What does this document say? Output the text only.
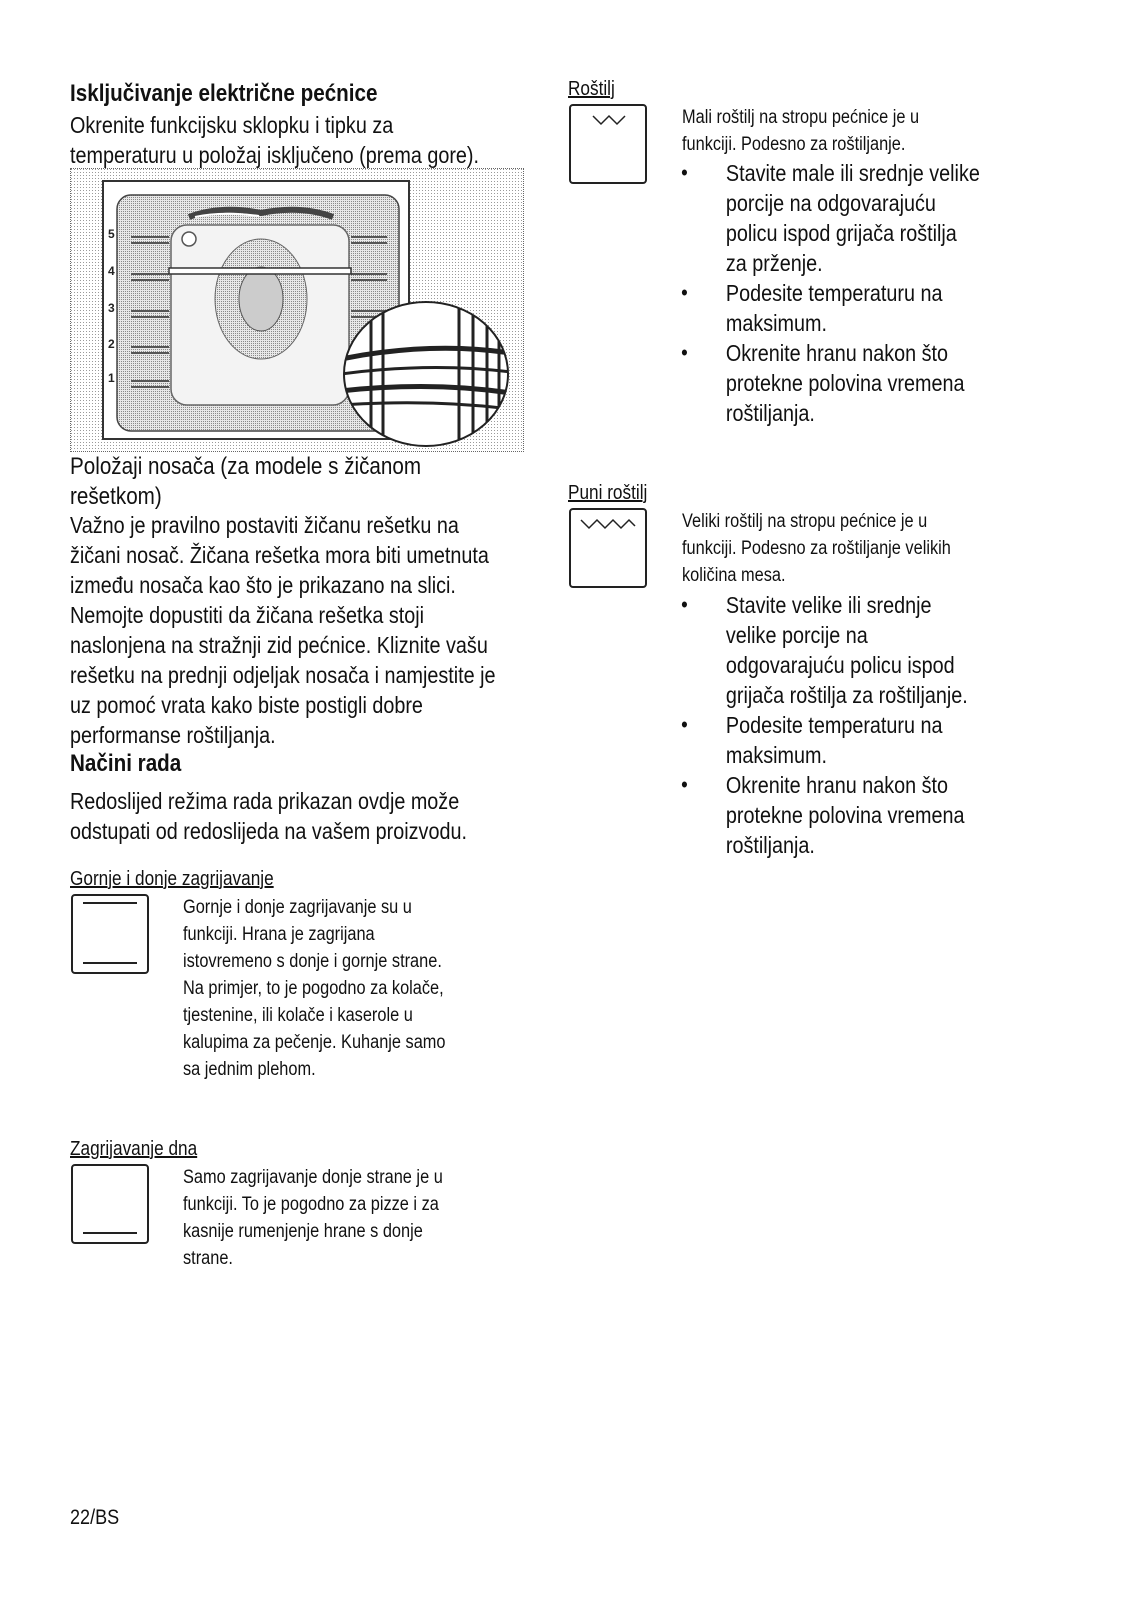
Isključivanje električne pećnice
Okrenite funkcijsku sklopku i tipku za
temperaturu u položaj isključeno (prema gore).
5
4
3
2
1
Položaji nosača (za modele s žičanom
rešetkom)
Važno je pravilno postaviti žičanu rešetku na
žičani nosač. Žičana rešetka mora biti umetnuta
između nosača kao što je prikazano na slici.
Nemojte dopustiti da žičana rešetka stoji
naslonjena na stražnji zid pećnice. Kliznite vašu
rešetku na prednji odjeljak nosača i namjestite je
uz pomoć vrata kako biste postigli dobre
performanse roštiljanja.
Načini rada
Redoslijed režima rada prikazan ovdje može
odstupati od redoslijeda na vašem proizvodu.
Gornje i donje zagrijavanje
Gornje i donje zagrijavanje su u
funkciji. Hrana je zagrijana
istovremeno s donje i gornje strane.
Na primjer, to je pogodno za kolače,
tjestenine, ili kolače i kaserole u
kalupima za pečenje. Kuhanje samo
sa jednim plehom.
Zagrijavanje dna
Samo zagrijavanje donje strane je u
funkciji. To je pogodno za pizze i za
kasnije rumenjenje hrane s donje
strane.
Roštilj
Mali roštilj na stropu pećnice je u
funkciji. Podesno za roštiljanje.
• Stavite male ili srednje velike
porcije na odgovarajuću
policu ispod grijača roštilja
za prženje.
• Podesite temperaturu na
maksimum.
• Okrenite hranu nakon što
protekne polovina vremena
roštiljanja.
Puni roštilj
Veliki roštilj na stropu pećnice je u
funkciji. Podesno za roštiljanje velikih
količina mesa.
• Stavite velike ili srednje
velike porcije na
odgovarajuću policu ispod
grijača roštilja za roštiljanje.
• Podesite temperaturu na
maksimum.
• Okrenite hranu nakon što
protekne polovina vremena
roštiljanja.
22/BS
